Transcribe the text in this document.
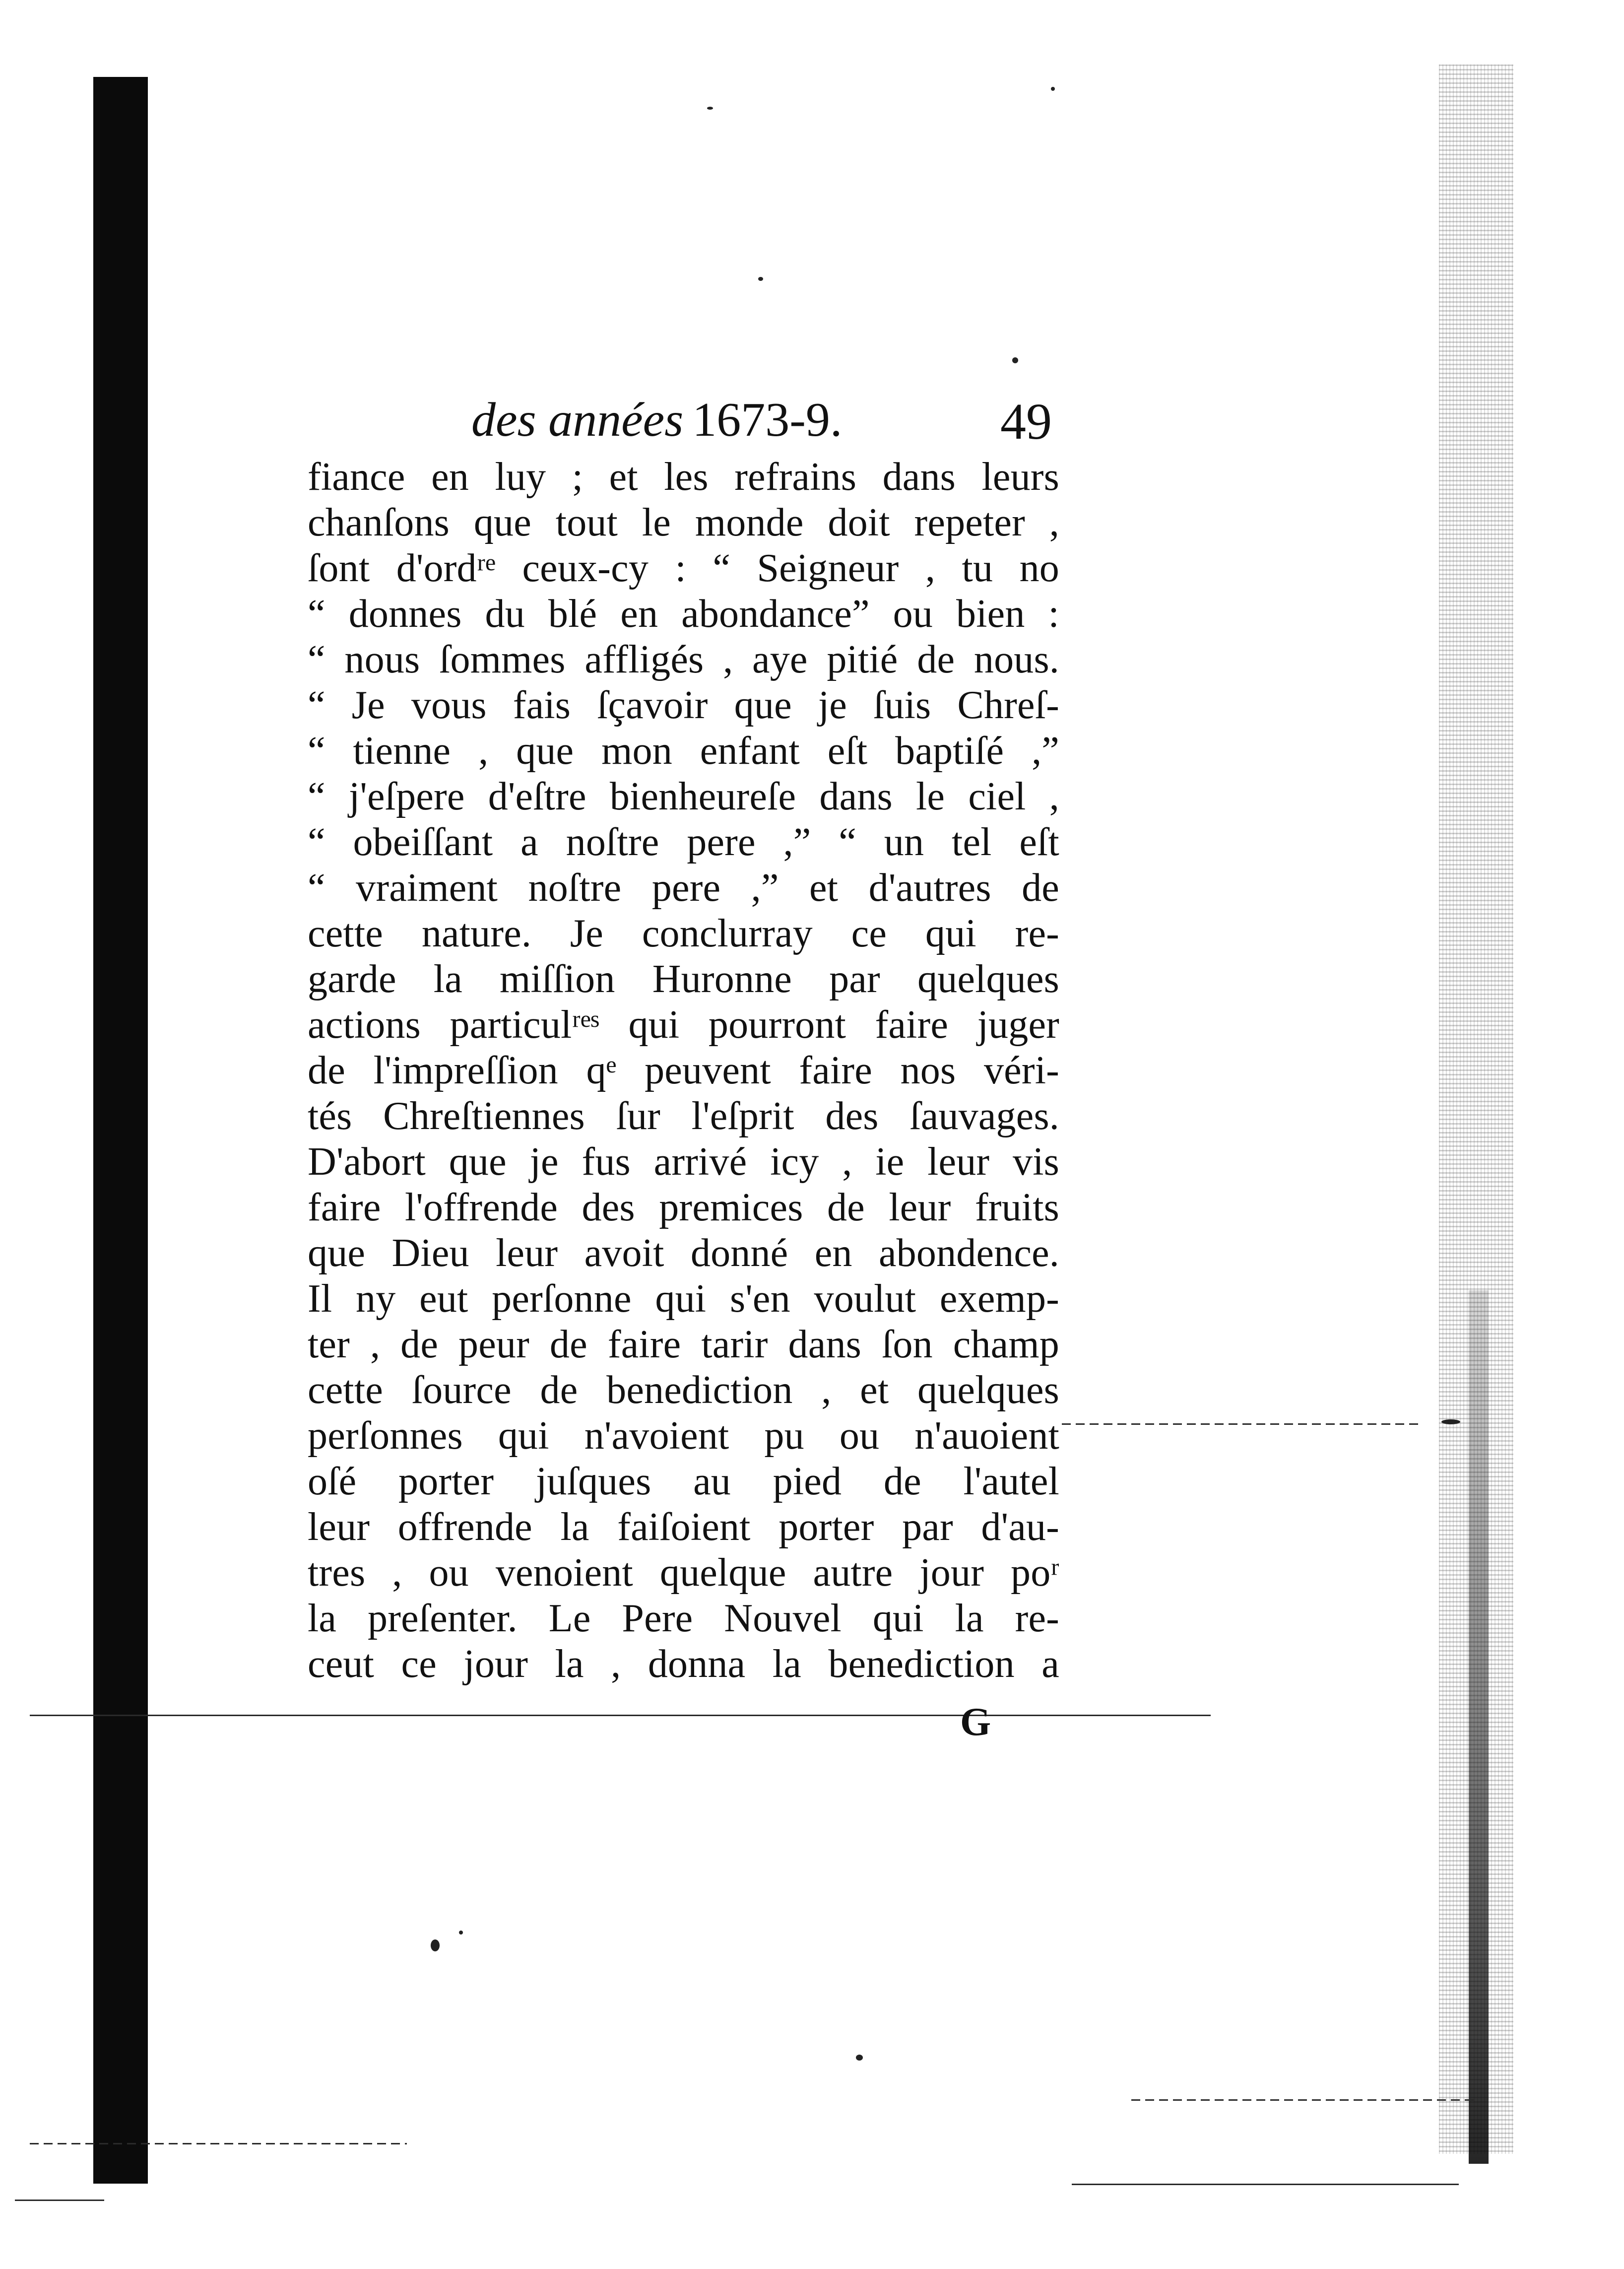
des années 1673-9.	49
fiance en luy ; et les refrains dans leurs
chanſons que tout le monde doit repeter ,
ſont d'ordʳᵉ ceux-cy : “ Seigneur , tu no
“ donnes du blé en abondance” ou bien :
“ nous ſommes affligés , aye pitié de nous.
“ Je vous fais ſçavoir que je ſuis Chreſ-
“ tienne , que mon enfant eſt baptiſé ,”
“ j'eſpere d'eſtre bienheureſe dans le ciel ,
“ obeiſſant a noſtre pere ,” “ un tel eſt
“ vraiment noſtre pere ,” et d'autres de
cette nature. Je conclurray ce qui re-
garde la miſſion Huronne par quelques
actions particulʳᵉˢ qui pourront faire juger
de l'impreſſion qᵉ peuvent faire nos véri-
tés Chreſtiennes ſur l'eſprit des ſauvages.
D'abort que je fus arrivé icy , ie leur vis
faire l'offrende des premices de leur fruits
que Dieu leur avoit donné en abondence.
Il ny eut perſonne qui s'en voulut exemp-
ter , de peur de faire tarir dans ſon champ
cette ſource de benediction , et quelques
perſonnes qui n'avoient pu ou n'auoient
oſé porter juſques au pied de l'autel
leur offrende la faiſoient porter par d'au-
tres , ou venoient quelque autre jour poʳ
la preſenter. Le Pere Nouvel qui la re-
ceut ce jour la , donna la benediction a
G
